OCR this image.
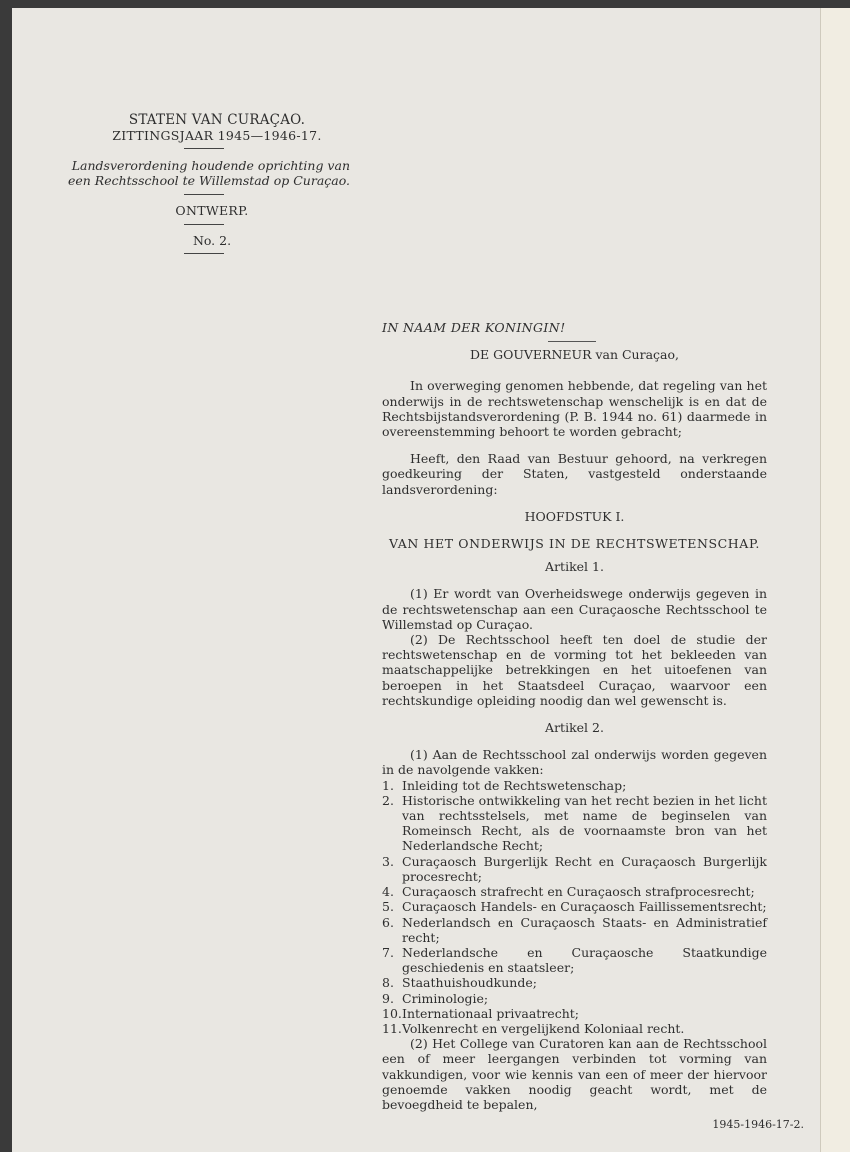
STATEN VAN CURAÇAO.
ZITTINGSJAAR 1945—1946-17.
Landsverordening houdende oprichting van
een Rechtsschool te Willemstad op Curaçao.
ONTWERP.
No. 2.

IN NAAM DER KONINGIN!

DE GOUVERNEUR van Curaçao,

In overweging genomen hebbende, dat regeling van het onderwijs in de rechtswetenschap wenschelijk is en dat de Rechtsbijstandsverordening (P. B. 1944 no. 61) daarmede in overeenstemming behoort te worden gebracht;

Heeft, den Raad van Bestuur gehoord, na verkregen goedkeuring der Staten, vastgesteld onderstaande landsverordening:

HOOFDSTUK I.

VAN HET ONDERWIJS IN DE RECHTSWETENSCHAP.

Artikel 1.

(1) Er wordt van Overheidswege onderwijs gegeven in de rechtswetenschap aan een Curaçaosche Rechtsschool te Willemstad op Curaçao.

(2) De Rechtsschool heeft ten doel de studie der rechtswetenschap en de vorming tot het bekleeden van maatschappelijke betrekkingen en het uitoefenen van beroepen in het Staatsdeel Curaçao, waarvoor een rechtskundige opleiding noodig dan wel gewenscht is.

Artikel 2.

(1) Aan de Rechtsschool zal onderwijs worden gegeven in de navolgende vakken:

1. Inleiding tot de Rechtswetenschap;
2. Historische ontwikkeling van het recht bezien in het licht van rechtsstelsels, met name de beginselen van Romeinsch Recht, als de voornaamste bron van het Nederlandsche Recht;
3. Curaçaosch Burgerlijk Recht en Curaçaosch Burgerlijk procesrecht;
4. Curaçaosch strafrecht en Curaçaosch strafprocesrecht;
5. Curaçaosch Handels- en Curaçaosch Faillissementsrecht;
6. Nederlandsch en Curaçaosch Staats- en Administratief recht;
7. Nederlandsche en Curaçaosche Staatkundige geschiedenis en staatsleer;
8. Staathuishoudkunde;
9. Criminologie;
10. Internationaal privaatrecht;
11. Volkenrecht en vergelijkend Koloniaal recht.

(2) Het College van Curatoren kan aan de Rechtsschool een of meer leergangen verbinden tot vorming van vakkundigen, voor wie kennis van een of meer der hiervoor genoemde vakken noodig geacht wordt, met de bevoegdheid te bepalen,

1945-1946-17-2.
